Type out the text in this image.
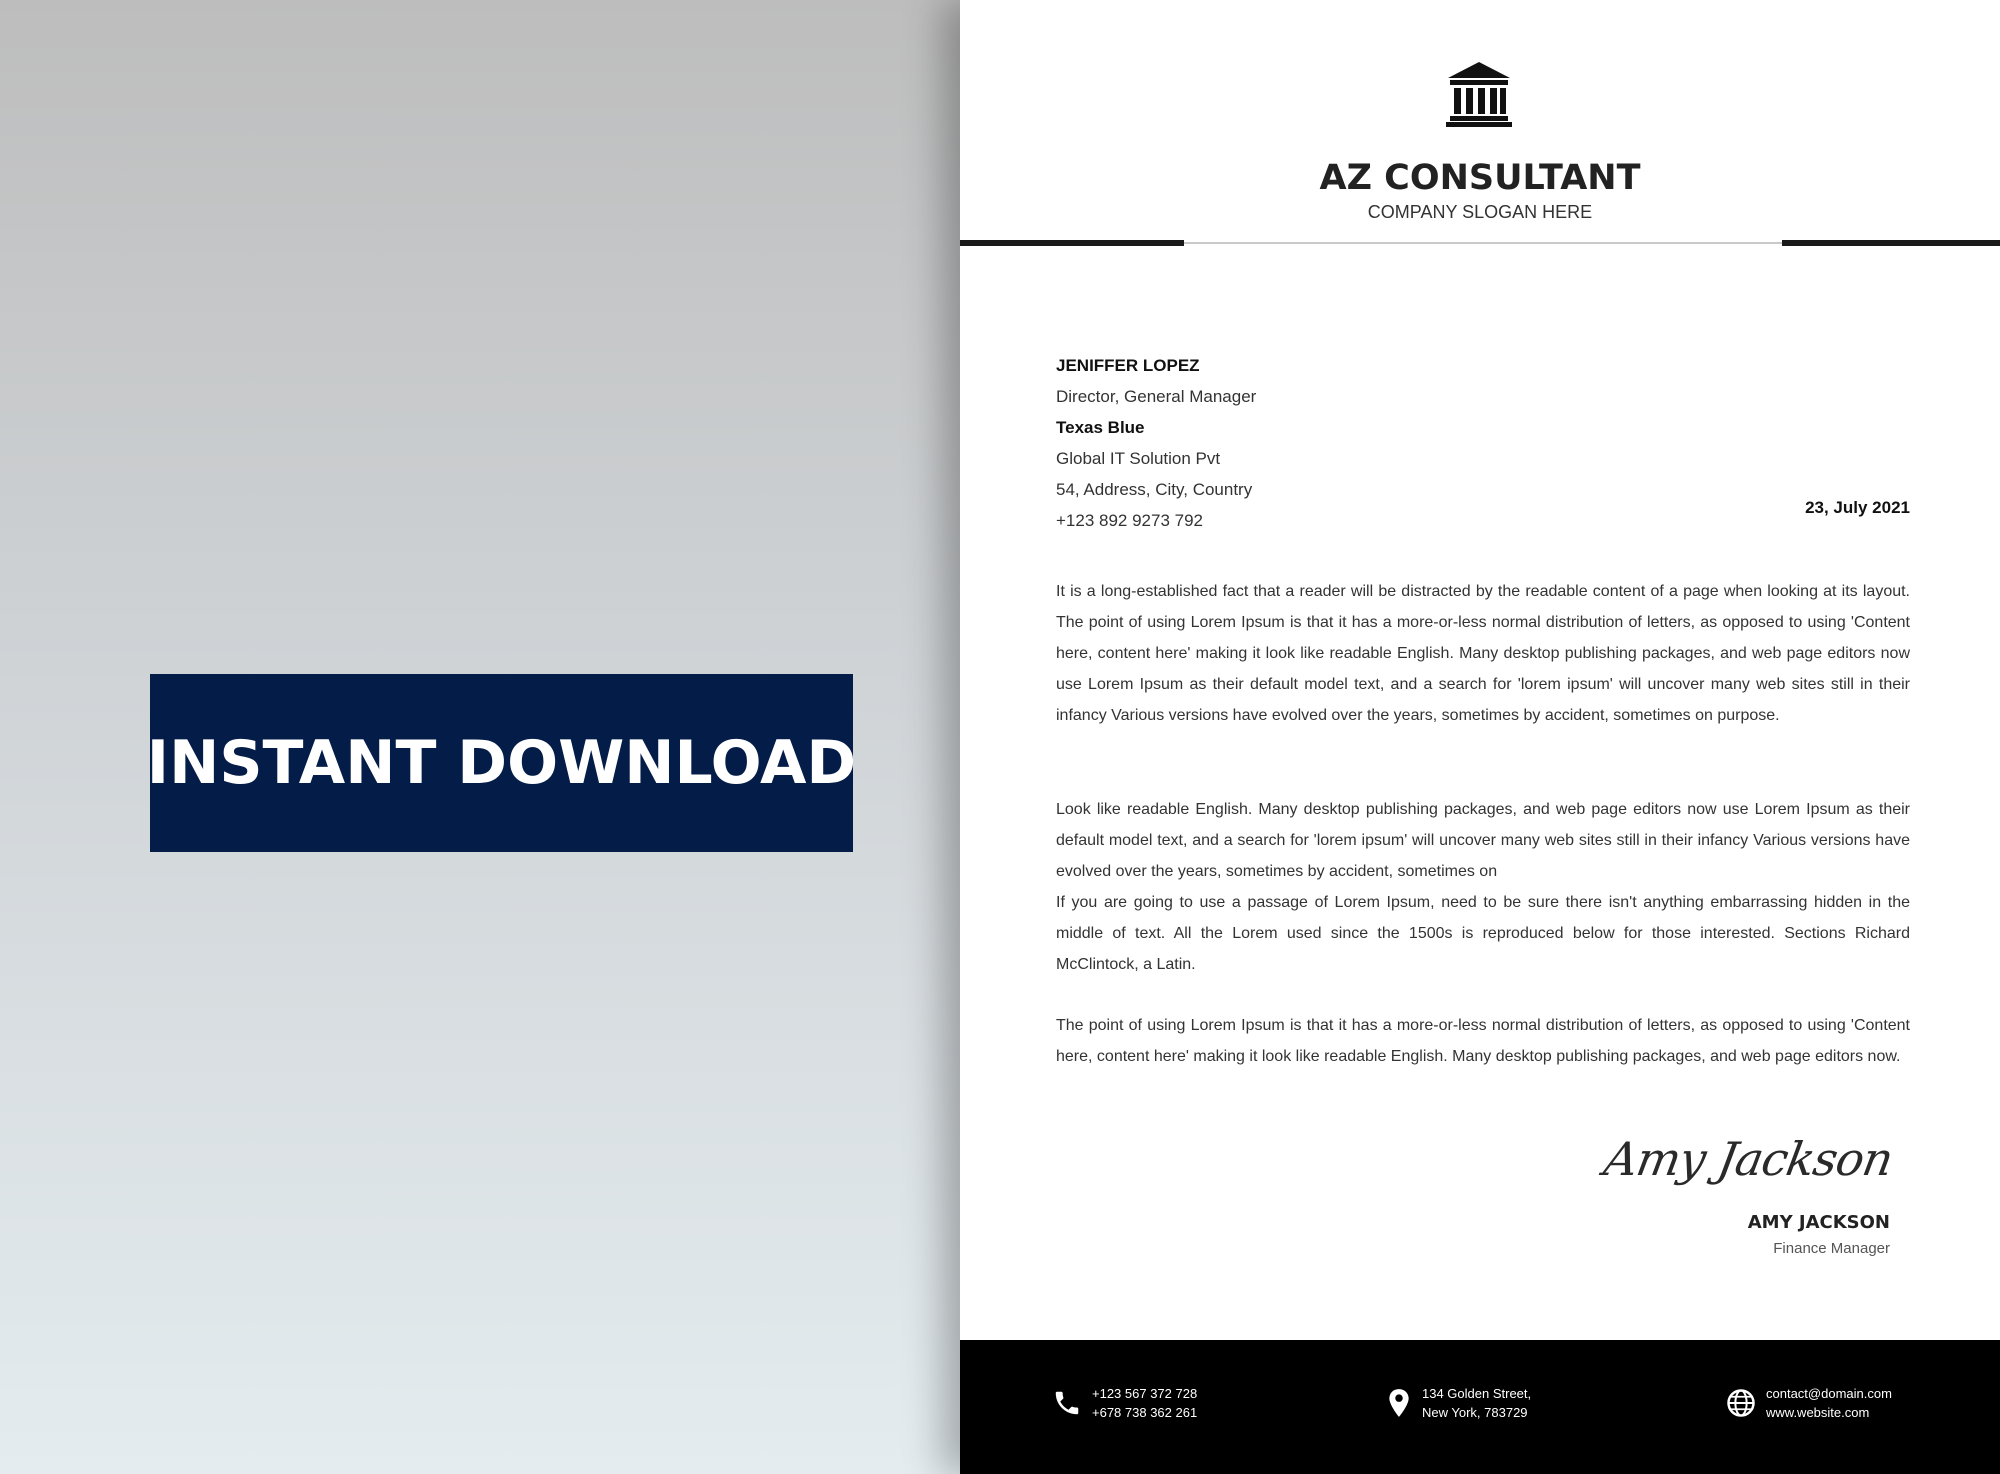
INSTANT DOWNLOAD
AZ CONSULTANT
COMPANY SLOGAN HERE
JENIFFER LOPEZ
Director, General Manager
Texas Blue
Global IT Solution Pvt
54, Address, City, Country
+123 892 9273 792
23, July 2021

It is a long-established fact that a reader will be distracted by the readable content of a page when looking at its layout. The point of using Lorem Ipsum is that it has a more-or-less normal distribution of letters, as opposed to using 'Content here, content here' making it look like readable English. Many desktop publishing packages, and web page editors now use Lorem Ipsum as their default model text, and a search for 'lorem ipsum' will uncover many web sites still in their infancy Various versions have evolved over the years, sometimes by accident, sometimes on purpose.

Look like readable English. Many desktop publishing packages, and web page editors now use Lorem Ipsum as their default model text, and a search for 'lorem ipsum' will uncover many web sites still in their infancy Various versions have evolved over the years, sometimes by accident, sometimes on

If you are going to use a passage of Lorem Ipsum, need to be sure there isn't anything embarrassing hidden in the middle of text. All the Lorem used since the 1500s is reproduced below for those interested. Sections Richard McClintock, a Latin.

The point of using Lorem Ipsum is that it has a more-or-less normal distribution of letters, as opposed to using 'Content here, content here' making it look like readable English. Many desktop publishing packages, and web page editors now.

Amy Jackson
AMY JACKSON
Finance Manager
+123 567 372 728
+678 738 362 261
134 Golden Street,
New York, 783729
contact@domain.com
www.website.com
